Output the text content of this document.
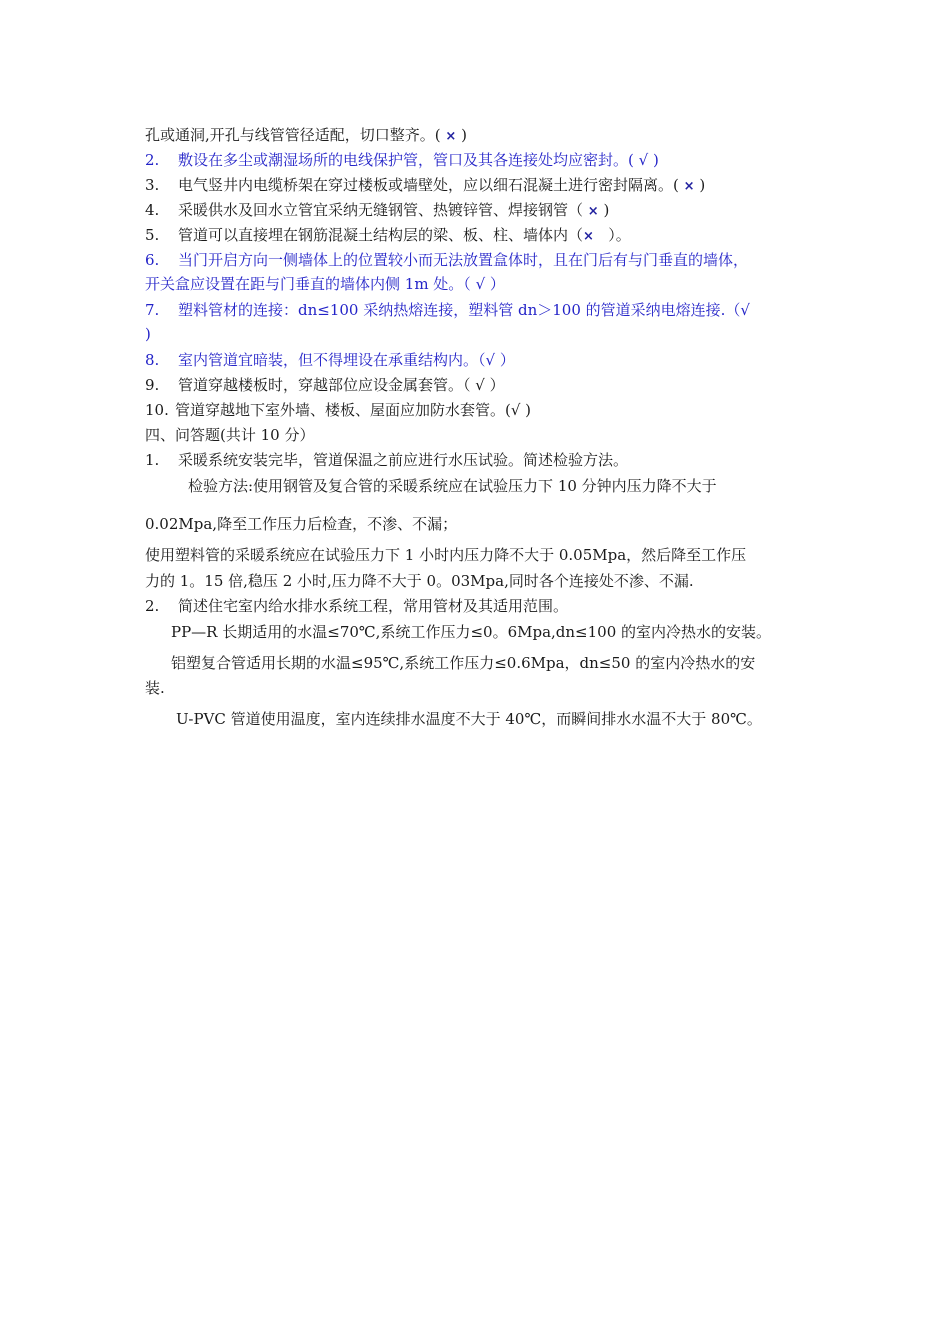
孔或通洞,开孔与线管管径适配，切口整齐。( × )
2. 敷设在多尘或潮湿场所的电线保护管，管口及其各连接处均应密封。( √ )
3. 电气竖井内电缆桥架在穿过楼板或墙壁处，应以细石混凝土进行密封隔离。( × )
4. 采暖供水及回水立管宜采纳无缝钢管、热镀锌管、焊接钢管（ × )
5. 管道可以直接埋在钢筋混凝土结构层的梁、板、柱、墙体内（× ）。
6. 当门开启方向一侧墙体上的位置较小而无法放置盒体时，且在门后有与门垂直的墙体，
开关盒应设置在距与门垂直的墙体内侧 1m 处。（ √ ）
7. 塑料管材的连接：dn≤100 采纳热熔连接，塑料管 dn＞100 的管道采纳电熔连接.（√
)
8. 室内管道宜暗装，但不得埋设在承重结构内。（√ ）
9. 管道穿越楼板时，穿越部位应设金属套管。（ √ ）
10. 管道穿越地下室外墙、楼板、屋面应加防水套管。(√ )
四、问答题(共计 10 分）
1. 采暖系统安装完毕，管道保温之前应进行水压试验。简述检验方法。
检验方法:使用钢管及复合管的采暖系统应在试验压力下 10 分钟内压力降不大于
0.02Mpa,降至工作压力后检查，不渗、不漏；
使用塑料管的采暖系统应在试验压力下 1 小时内压力降不大于 0.05Mpa，然后降至工作压
力的 1。15 倍,稳压 2 小时,压力降不大于 0。03Mpa,同时各个连接处不渗、不漏.
2. 简述住宅室内给水排水系统工程，常用管材及其适用范围。
PP—R 长期适用的水温≤70℃,系统工作压力≤0。6Mpa,dn≤100 的室内冷热水的安装。
铝塑复合管适用长期的水温≤95℃,系统工作压力≤0.6Mpa，dn≤50 的室内冷热水的安
装.
U-PVC 管道使用温度，室内连续排水温度不大于 40℃，而瞬间排水水温不大于 80℃。
